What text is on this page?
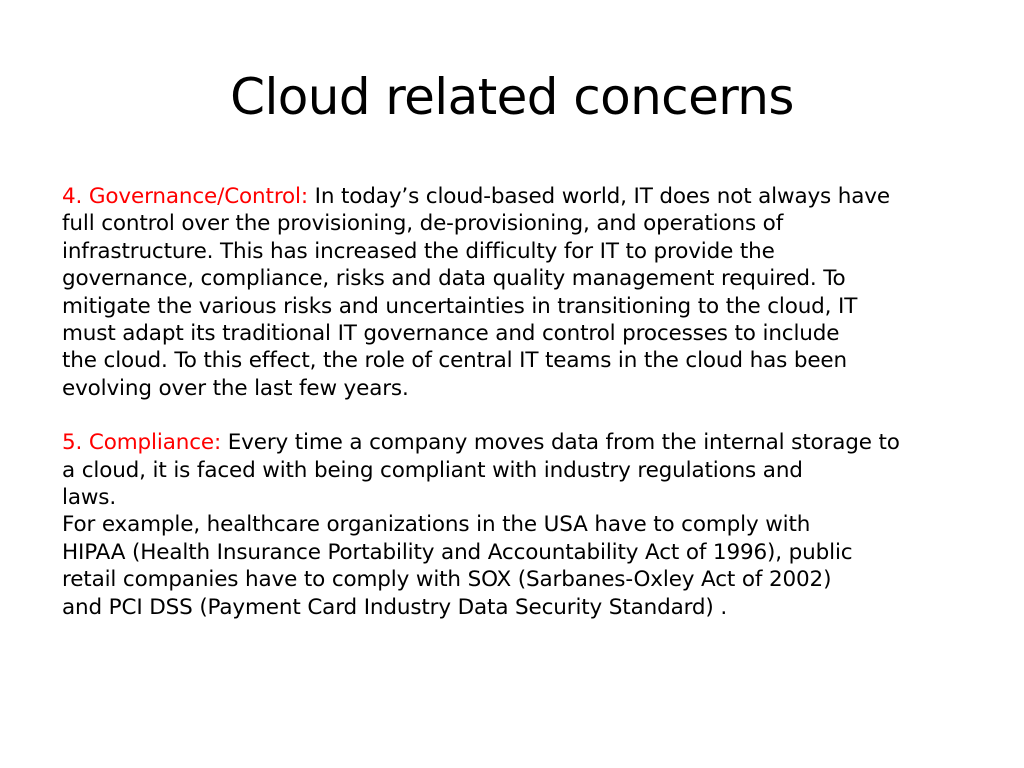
Cloud related concerns

4. Governance/Control: In today’s cloud-based world, IT does not always have
full control over the provisioning, de-provisioning, and operations of
infrastructure. This has increased the difficulty for IT to provide the
governance, compliance, risks and data quality management required. To
mitigate the various risks and uncertainties in transitioning to the cloud, IT
must adapt its traditional IT governance and control processes to include
the cloud. To this effect, the role of central IT teams in the cloud has been
evolving over the last few years.

5. Compliance: Every time a company moves data from the internal storage to
a cloud, it is faced with being compliant with industry regulations and
laws.
For example, healthcare organizations in the USA have to comply with
HIPAA (Health Insurance Portability and Accountability Act of 1996), public
retail companies have to comply with SOX (Sarbanes-Oxley Act of 2002)
and PCI DSS (Payment Card Industry Data Security Standard) .
